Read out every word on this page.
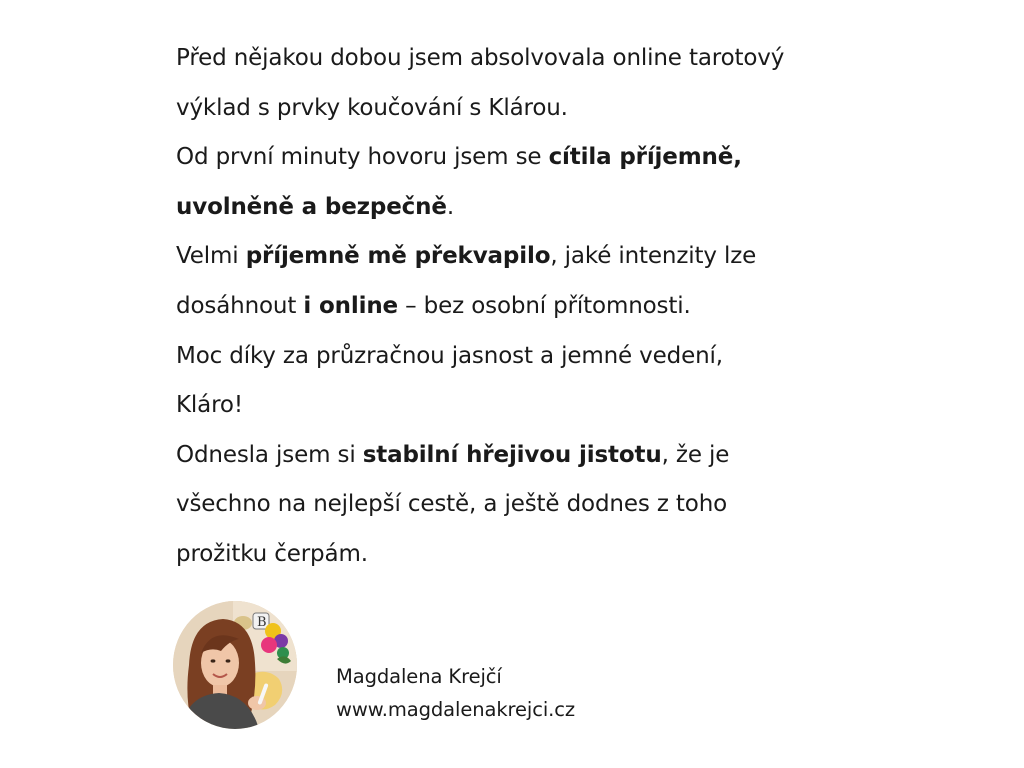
Před nějakou dobou jsem absolvovala online tarotový
výklad s prvky koučování s Klárou.
Od první minuty hovoru jsem se cítila příjemně,
uvolněně a bezpečně.
Velmi příjemně mě překvapilo, jaké intenzity lze
dosáhnout i online – bez osobní přítomnosti.
Moc díky za průzračnou jasnost a jemné vedení,
Kláro!
Odnesla jsem si stabilní hřejivou jistotu, že je
všechno na nejlepší cestě, a ještě dodnes z toho
prožitku čerpám.

B
Magdalena Krejčí
www.magdalenakrejci.cz
